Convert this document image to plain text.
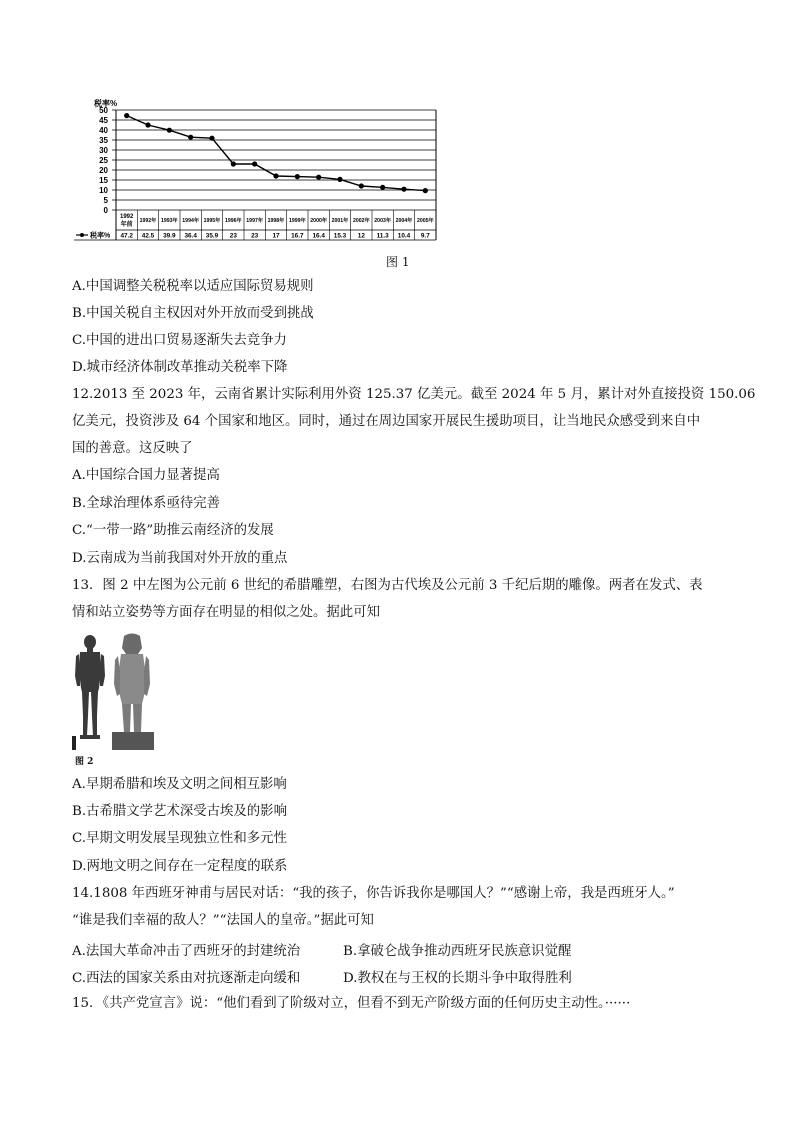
0
5
10
15
20
25
30
35
40
45
50
税率%
1992
年前
1992年 1993年 1994年 1995年 1996年 1997年 1998年 1999年 2000年 2001年 2002年 2003年 2004年 2005年
47.2 42.5 39.9 36.4 35.9 23 23 17 16.7 16.4 15.3 12 11.3 10.4 9.7
税率%
图 1
A.中国调整关税税率以适应国际贸易规则
B.中国关税自主权因对外开放而受到挑战
C.中国的进出口贸易逐渐失去竞争力
D.城市经济体制改革推动关税率下降
12.2013 至 2023 年，云南省累计实际利用外资 125.37 亿美元。截至 2024 年 5 月，累计对外直接投资 150.06
亿美元，投资涉及 64 个国家和地区。同时，通过在周边国家开展民生援助项目，让当地民众感受到来自中
国的善意。这反映了
A.中国综合国力显著提高
B.全球治理体系亟待完善
C.“一带一路”助推云南经济的发展
D.云南成为当前我国对外开放的重点
13．图 2 中左图为公元前 6 世纪的希腊雕塑，右图为古代埃及公元前 3 千纪后期的雕像。两者在发式、表
情和站立姿势等方面存在明显的相似之处。据此可知
图 2
A.早期希腊和埃及文明之间相互影响
B.古希腊文学艺术深受古埃及的影响
C.早期文明发展呈现独立性和多元性
D.两地文明之间存在一定程度的联系
14.1808 年西班牙神甫与居民对话：“我的孩子，你告诉我你是哪国人？”“感谢上帝，我是西班牙人。”
“谁是我们幸福的敌人？”“法国人的皇帝。”据此可知
A.法国大革命冲击了西班牙的封建统治	B.拿破仑战争推动西班牙民族意识觉醒
C.西法的国家关系由对抗逐渐走向缓和	D.教权在与王权的长期斗争中取得胜利
15．《共产党宣言》说：“他们看到了阶级对立，但看不到无产阶级方面的任何历史主动性。······
